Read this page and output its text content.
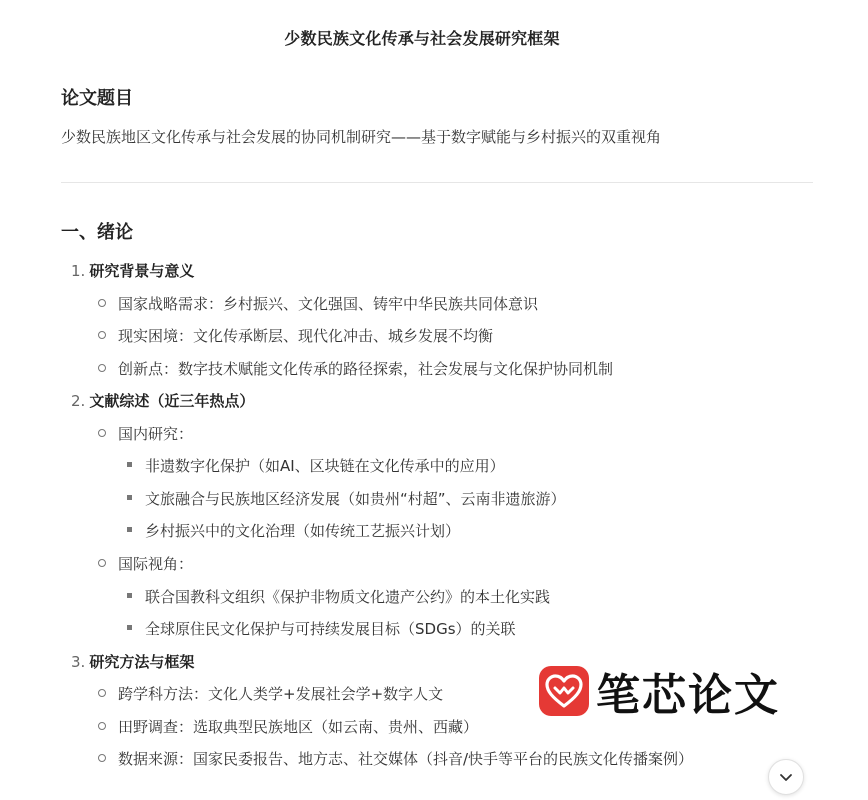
少数民族文化传承与社会发展研究框架
论文题目
少数民族地区文化传承与社会发展的协同机制研究——基于数字赋能与乡村振兴的双重视角
一、绪论
1. 研究背景与意义
国家战略需求：乡村振兴、文化强国、铸牢中华民族共同体意识
现实困境：文化传承断层、现代化冲击、城乡发展不均衡
创新点：数字技术赋能文化传承的路径探索，社会发展与文化保护协同机制
2. 文献综述（近三年热点）
国内研究：
非遗数字化保护（如AI、区块链在文化传承中的应用）
文旅融合与民族地区经济发展（如贵州“村超”、云南非遗旅游）
乡村振兴中的文化治理（如传统工艺振兴计划）
国际视角：
联合国教科文组织《保护非物质文化遗产公约》的本土化实践
全球原住民文化保护与可持续发展目标（SDGs）的关联
3. 研究方法与框架
跨学科方法：文化人类学+发展社会学+数字人文
田野调查：选取典型民族地区（如云南、贵州、西藏）
数据来源：国家民委报告、地方志、社交媒体（抖音/快手等平台的民族文化传播案例）
笔芯论文
